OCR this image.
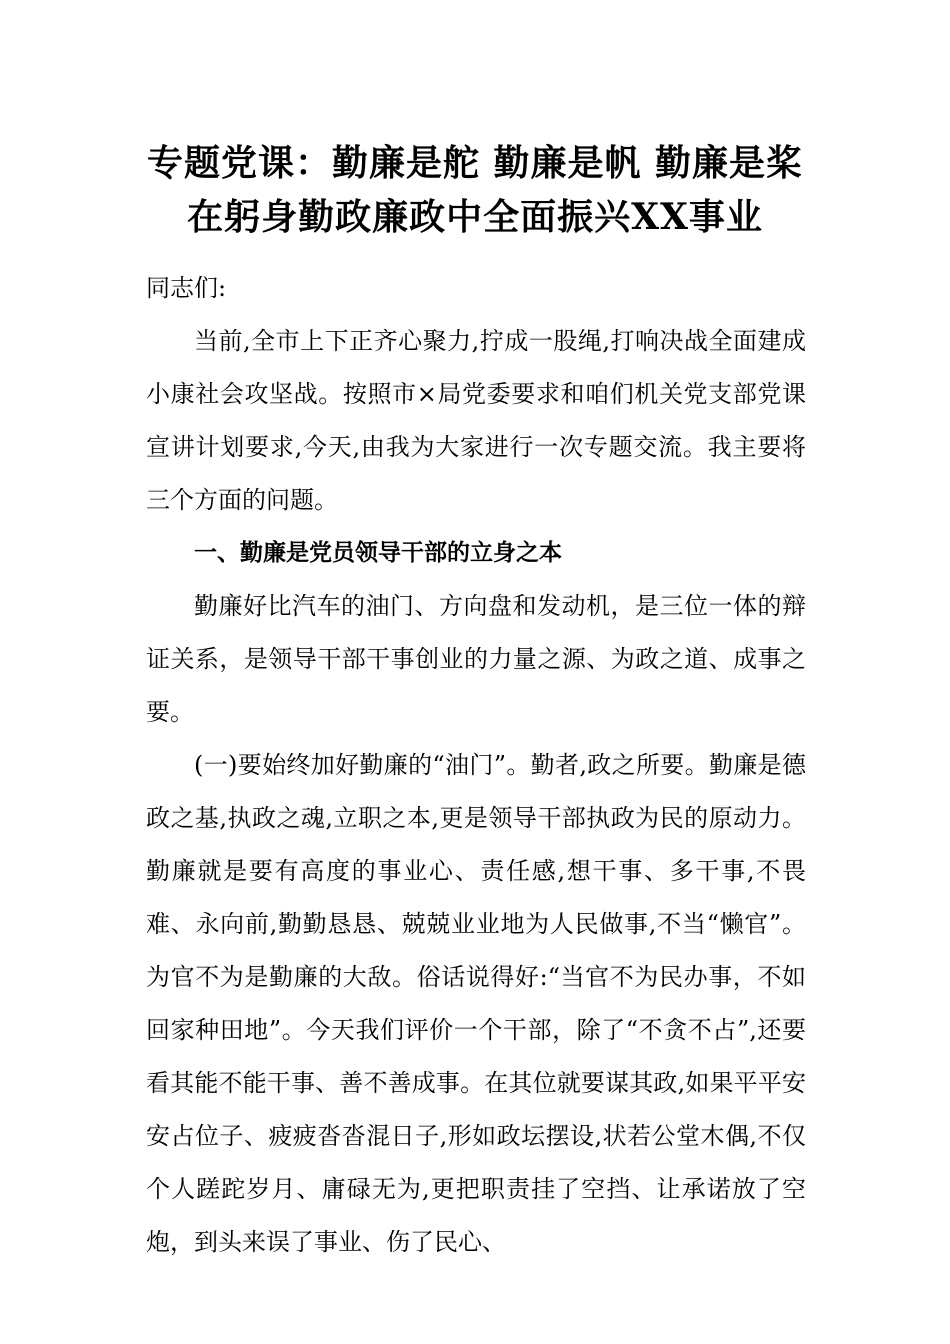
专题党课：勤廉是舵 勤廉是帆 勤廉是桨
在躬身勤政廉政中全面振兴XX事业

同志们:

当前,全市上下正齐心聚力,拧成一股绳,打响决战全面建成小康社会攻坚战。按照市×局党委要求和咱们机关党支部党课宣讲计划要求,今天,由我为大家进行一次专题交流。我主要将三个方面的问题。

一、勤廉是党员领导干部的立身之本

勤廉好比汽车的油门、方向盘和发动机，是三位一体的辩证关系，是领导干部干事创业的力量之源、为政之道、成事之要。

(一)要始终加好勤廉的“油门”。勤者,政之所要。勤廉是德政之基,执政之魂,立职之本,更是领导干部执政为民的原动力。勤廉就是要有高度的事业心、责任感,想干事、多干事,不畏难、永向前,勤勤恳恳、兢兢业业地为人民做事,不当“懒官”。为官不为是勤廉的大敌。俗话说得好:“当官不为民办事，不如回家种田地”。今天我们评价一个干部，除了“不贪不占”,还要看其能不能干事、善不善成事。在其位就要谋其政,如果平平安安占位子、疲疲沓沓混日子,形如政坛摆设,状若公堂木偶,不仅个人蹉跎岁月、庸碌无为,更把职责挂了空挡、让承诺放了空炮，到头来误了事业、伤了民心、
